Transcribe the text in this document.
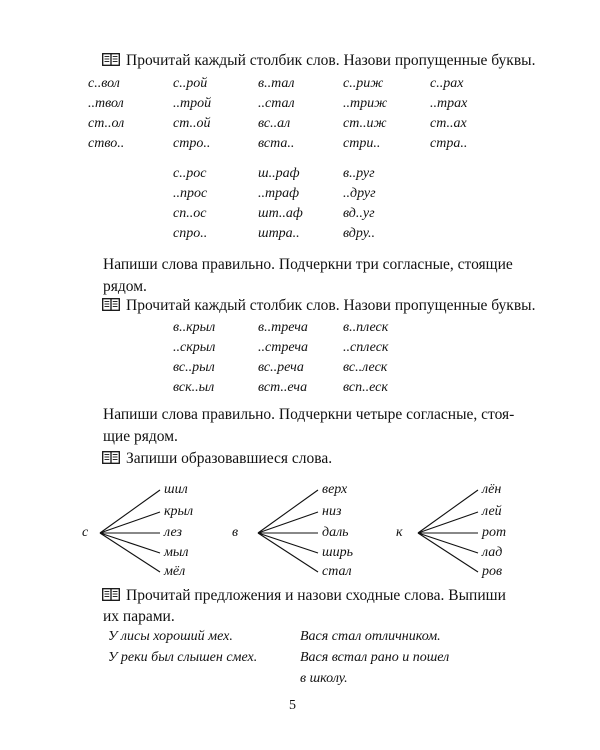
Прочитай каждый столбик слов. Назови пропущенные буквы.
с..вол
..твол
ст..ол
ство..
с..рой
..трой
ст..ой
стро..
в..тал
..стал
вс..ал
вста..
с..риж
..триж
ст..иж
стри..
с..рах
..трах
ст..ах
стра..
с..рос
..прос
сп..ос
спро..
ш..раф
..траф
шт..аф
штра..
в..руг
..друг
вд..уг
вдру..
Напиши слова правильно. Подчеркни три согласные, стоящие
рядом.
Прочитай каждый столбик слов. Назови пропущенные буквы.
в..крыл
..скрыл
вс..рыл
вск..ыл
в..треча
..стреча
вс..реча
вст..еча
в..плеск
..сплеск
вс..леск
всп..еск
Напиши слова правильно. Подчеркни четыре согласные, стоя-
щие рядом.
Запиши образовавшиеся слова.
с
шил
крыл
лез
мыл
мёл
в
верх
низ
даль
ширь
стал
к
лён
лей
рот
лад
ров
Прочитай предложения и назови сходные слова. Выпиши
их парами.
У лисы хороший мех.
У реки был слышен смех.
Вася стал отличником.
Вася встал рано и пошел
в школу.
5
